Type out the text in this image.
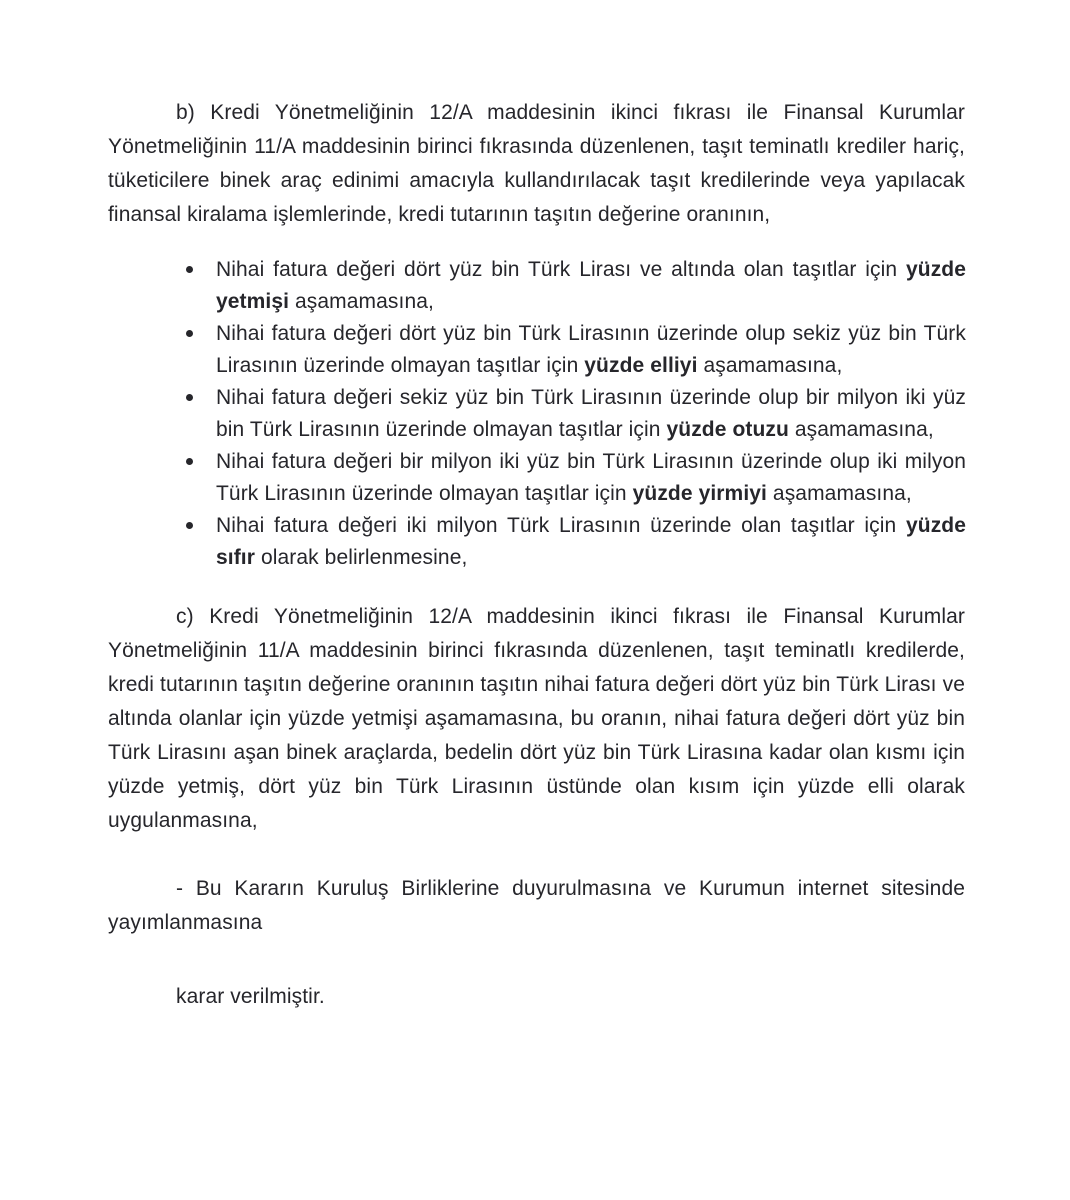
b) Kredi Yönetmeliğinin 12/A maddesinin ikinci fıkrası ile Finansal Kurumlar Yönetmeliğinin 11/A maddesinin birinci fıkrasında düzenlenen, taşıt teminatlı krediler hariç, tüketicilere binek araç edinimi amacıyla kullandırılacak taşıt kredilerinde veya yapılacak finansal kiralama işlemlerinde, kredi tutarının taşıtın değerine oranının,

Nihai fatura değeri dört yüz bin Türk Lirası ve altında olan taşıtlar için yüzde yetmişi aşamamasına,
Nihai fatura değeri dört yüz bin Türk Lirasının üzerinde olup sekiz yüz bin Türk Lirasının üzerinde olmayan taşıtlar için yüzde elliyi aşamamasına,
Nihai fatura değeri sekiz yüz bin Türk Lirasının üzerinde olup bir milyon iki yüz bin Türk Lirasının üzerinde olmayan taşıtlar için yüzde otuzu aşamamasına,
Nihai fatura değeri bir milyon iki yüz bin Türk Lirasının üzerinde olup iki milyon Türk Lirasının üzerinde olmayan taşıtlar için yüzde yirmiyi aşamamasına,
Nihai fatura değeri iki milyon Türk Lirasının üzerinde olan taşıtlar için yüzde sıfır olarak belirlenmesine,

c) Kredi Yönetmeliğinin 12/A maddesinin ikinci fıkrası ile Finansal Kurumlar Yönetmeliğinin 11/A maddesinin birinci fıkrasında düzenlenen, taşıt teminatlı kredilerde, kredi tutarının taşıtın değerine oranının taşıtın nihai fatura değeri dört yüz bin Türk Lirası ve altında olanlar için yüzde yetmişi aşamamasına, bu oranın, nihai fatura değeri dört yüz bin Türk Lirasını aşan binek araçlarda, bedelin dört yüz bin Türk Lirasına kadar olan kısmı için yüzde yetmiş, dört yüz bin Türk Lirasının üstünde olan kısım için yüzde elli olarak uygulanmasına,

- Bu Kararın Kuruluş Birliklerine duyurulmasına ve Kurumun internet sitesinde yayımlanmasına

karar verilmiştir.
